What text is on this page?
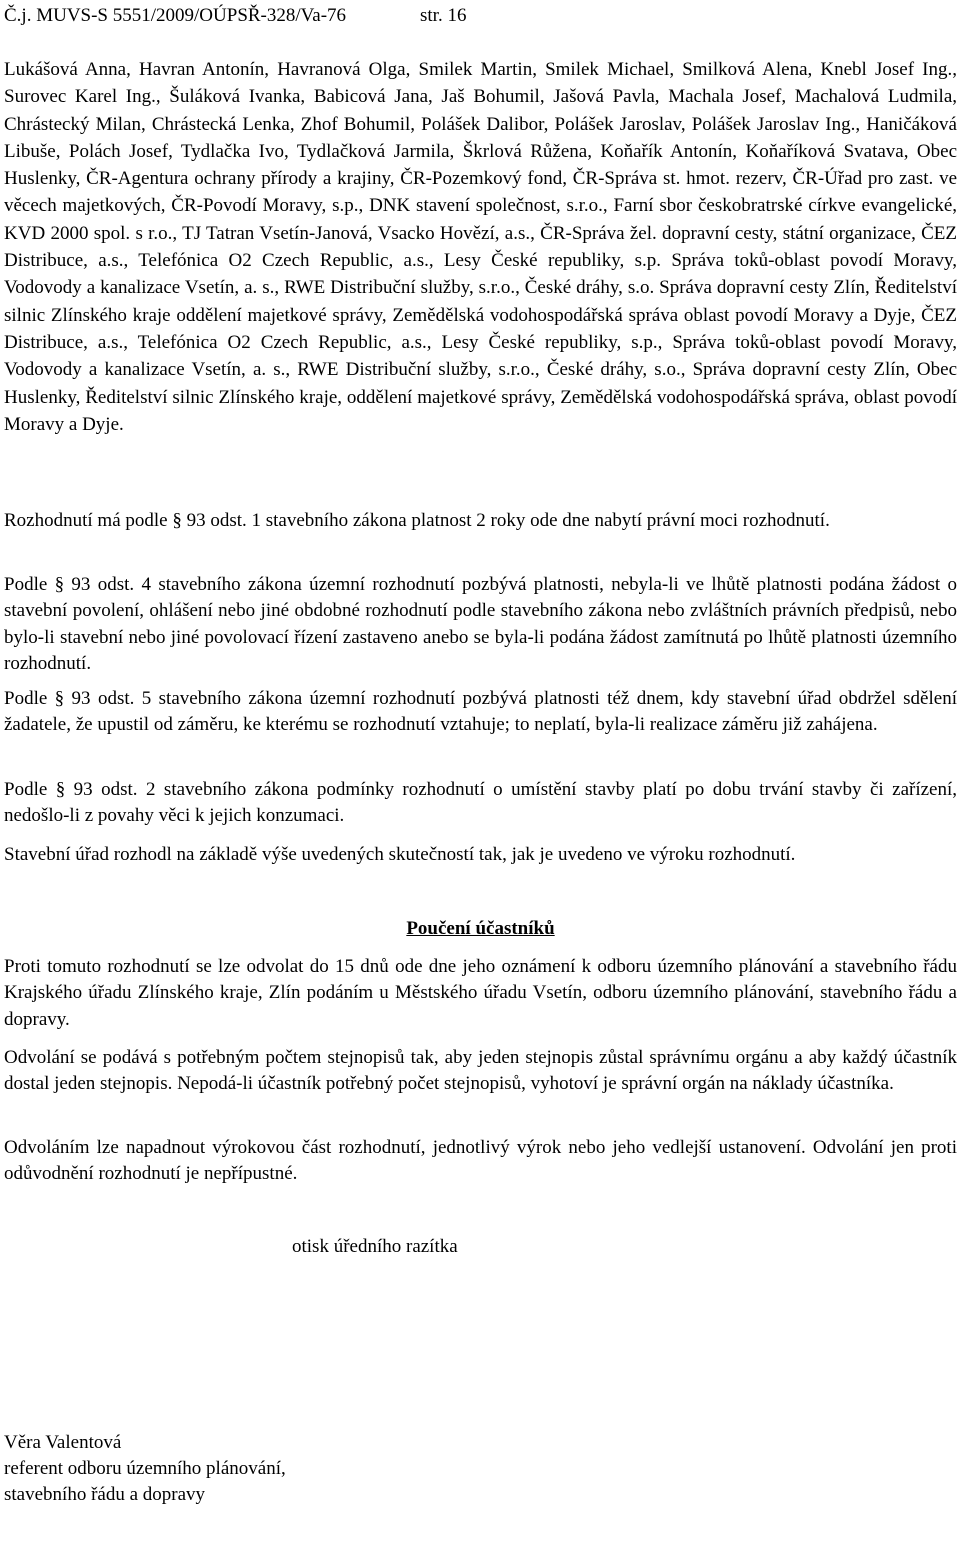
Č.j. MUVS-S 5551/2009/OÚPSŘ-328/Va-76	str. 16

Lukášová Anna, Havran Antonín, Havranová Olga, Smilek Martin, Smilek Michael, Smilková Alena, Knebl Josef Ing., Surovec Karel Ing., Šuláková Ivanka, Babicová Jana, Jaš Bohumil, Jašová Pavla, Machala Josef, Machalová Ludmila, Chrástecký Milan, Chrástecká Lenka, Zhof Bohumil, Polášek Dalibor, Polášek Jaroslav, Polášek Jaroslav Ing., Haničáková Libuše, Polách Josef, Tydlačka Ivo, Tydlačková Jarmila, Škrlová Růžena, Koňařík Antonín, Koňaříková Svatava, Obec Huslenky, ČR-Agentura ochrany přírody a krajiny, ČR-Pozemkový fond, ČR-Správa st. hmot. rezerv, ČR-Úřad pro zast. ve věcech majetkových, ČR-Povodí Moravy, s.p., DNK stavení společnost, s.r.o., Farní sbor českobratrské církve evangelické, KVD 2000 spol. s r.o., TJ Tatran Vsetín-Janová, Vsacko Hovězí, a.s., ČR-Správa žel. dopravní cesty, státní organizace, ČEZ Distribuce, a.s., Telefónica O2 Czech Republic, a.s., Lesy České republiky, s.p. Správa toků-oblast povodí Moravy, Vodovody a kanalizace Vsetín, a. s., RWE Distribuční služby, s.r.o., České dráhy, s.o. Správa dopravní cesty Zlín, Ředitelství silnic Zlínského kraje oddělení majetkové správy, Zemědělská vodohospodářská správa oblast povodí Moravy a Dyje, ČEZ Distribuce, a.s., Telefónica O2 Czech Republic, a.s., Lesy České republiky, s.p., Správa toků-oblast povodí Moravy, Vodovody a kanalizace Vsetín, a. s., RWE Distribuční služby, s.r.o., České dráhy, s.o., Správa dopravní cesty Zlín, Obec Huslenky, Ředitelství silnic Zlínského kraje, oddělení majetkové správy, Zemědělská vodohospodářská správa, oblast povodí Moravy a Dyje.

Rozhodnutí má podle § 93 odst. 1 stavebního zákona platnost 2 roky ode dne nabytí právní moci rozhodnutí.

Podle § 93 odst. 4 stavebního zákona územní rozhodnutí pozbývá platnosti, nebyla-li ve lhůtě platnosti podána žádost o stavební povolení, ohlášení nebo jiné obdobné rozhodnutí podle stavebního zákona nebo zvláštních právních předpisů, nebo bylo-li stavební nebo jiné povolovací řízení zastaveno anebo se byla-li podána žádost zamítnutá po lhůtě platnosti územního rozhodnutí.

Podle § 93 odst. 5 stavebního zákona územní rozhodnutí pozbývá platnosti též dnem, kdy stavební úřad obdržel sdělení žadatele, že upustil od záměru, ke kterému se rozhodnutí vztahuje; to neplatí, byla-li realizace záměru již zahájena.

Podle § 93 odst. 2 stavebního zákona podmínky rozhodnutí o umístění stavby platí po dobu trvání stavby či zařízení, nedošlo-li z povahy věci k jejich konzumaci.

Stavební úřad rozhodl na základě výše uvedených skutečností tak, jak je uvedeno ve výroku rozhodnutí.

Poučení účastníků

Proti tomuto rozhodnutí se lze odvolat do 15 dnů ode dne jeho oznámení k odboru územního plánování a stavebního řádu Krajského úřadu Zlínského kraje, Zlín podáním u Městského úřadu Vsetín, odboru územního plánování, stavebního řádu a dopravy.

Odvolání se podává s potřebným počtem stejnopisů tak, aby jeden stejnopis zůstal správnímu orgánu a aby každý účastník dostal jeden stejnopis. Nepodá-li účastník potřebný počet stejnopisů, vyhotoví je správní orgán na náklady účastníka.

Odvoláním lze napadnout výrokovou část rozhodnutí, jednotlivý výrok nebo jeho vedlejší ustanovení. Odvolání jen proti odůvodnění rozhodnutí je nepřípustné.

otisk úředního razítka
Věra Valentová
referent odboru územního plánování,
stavebního řádu a dopravy
